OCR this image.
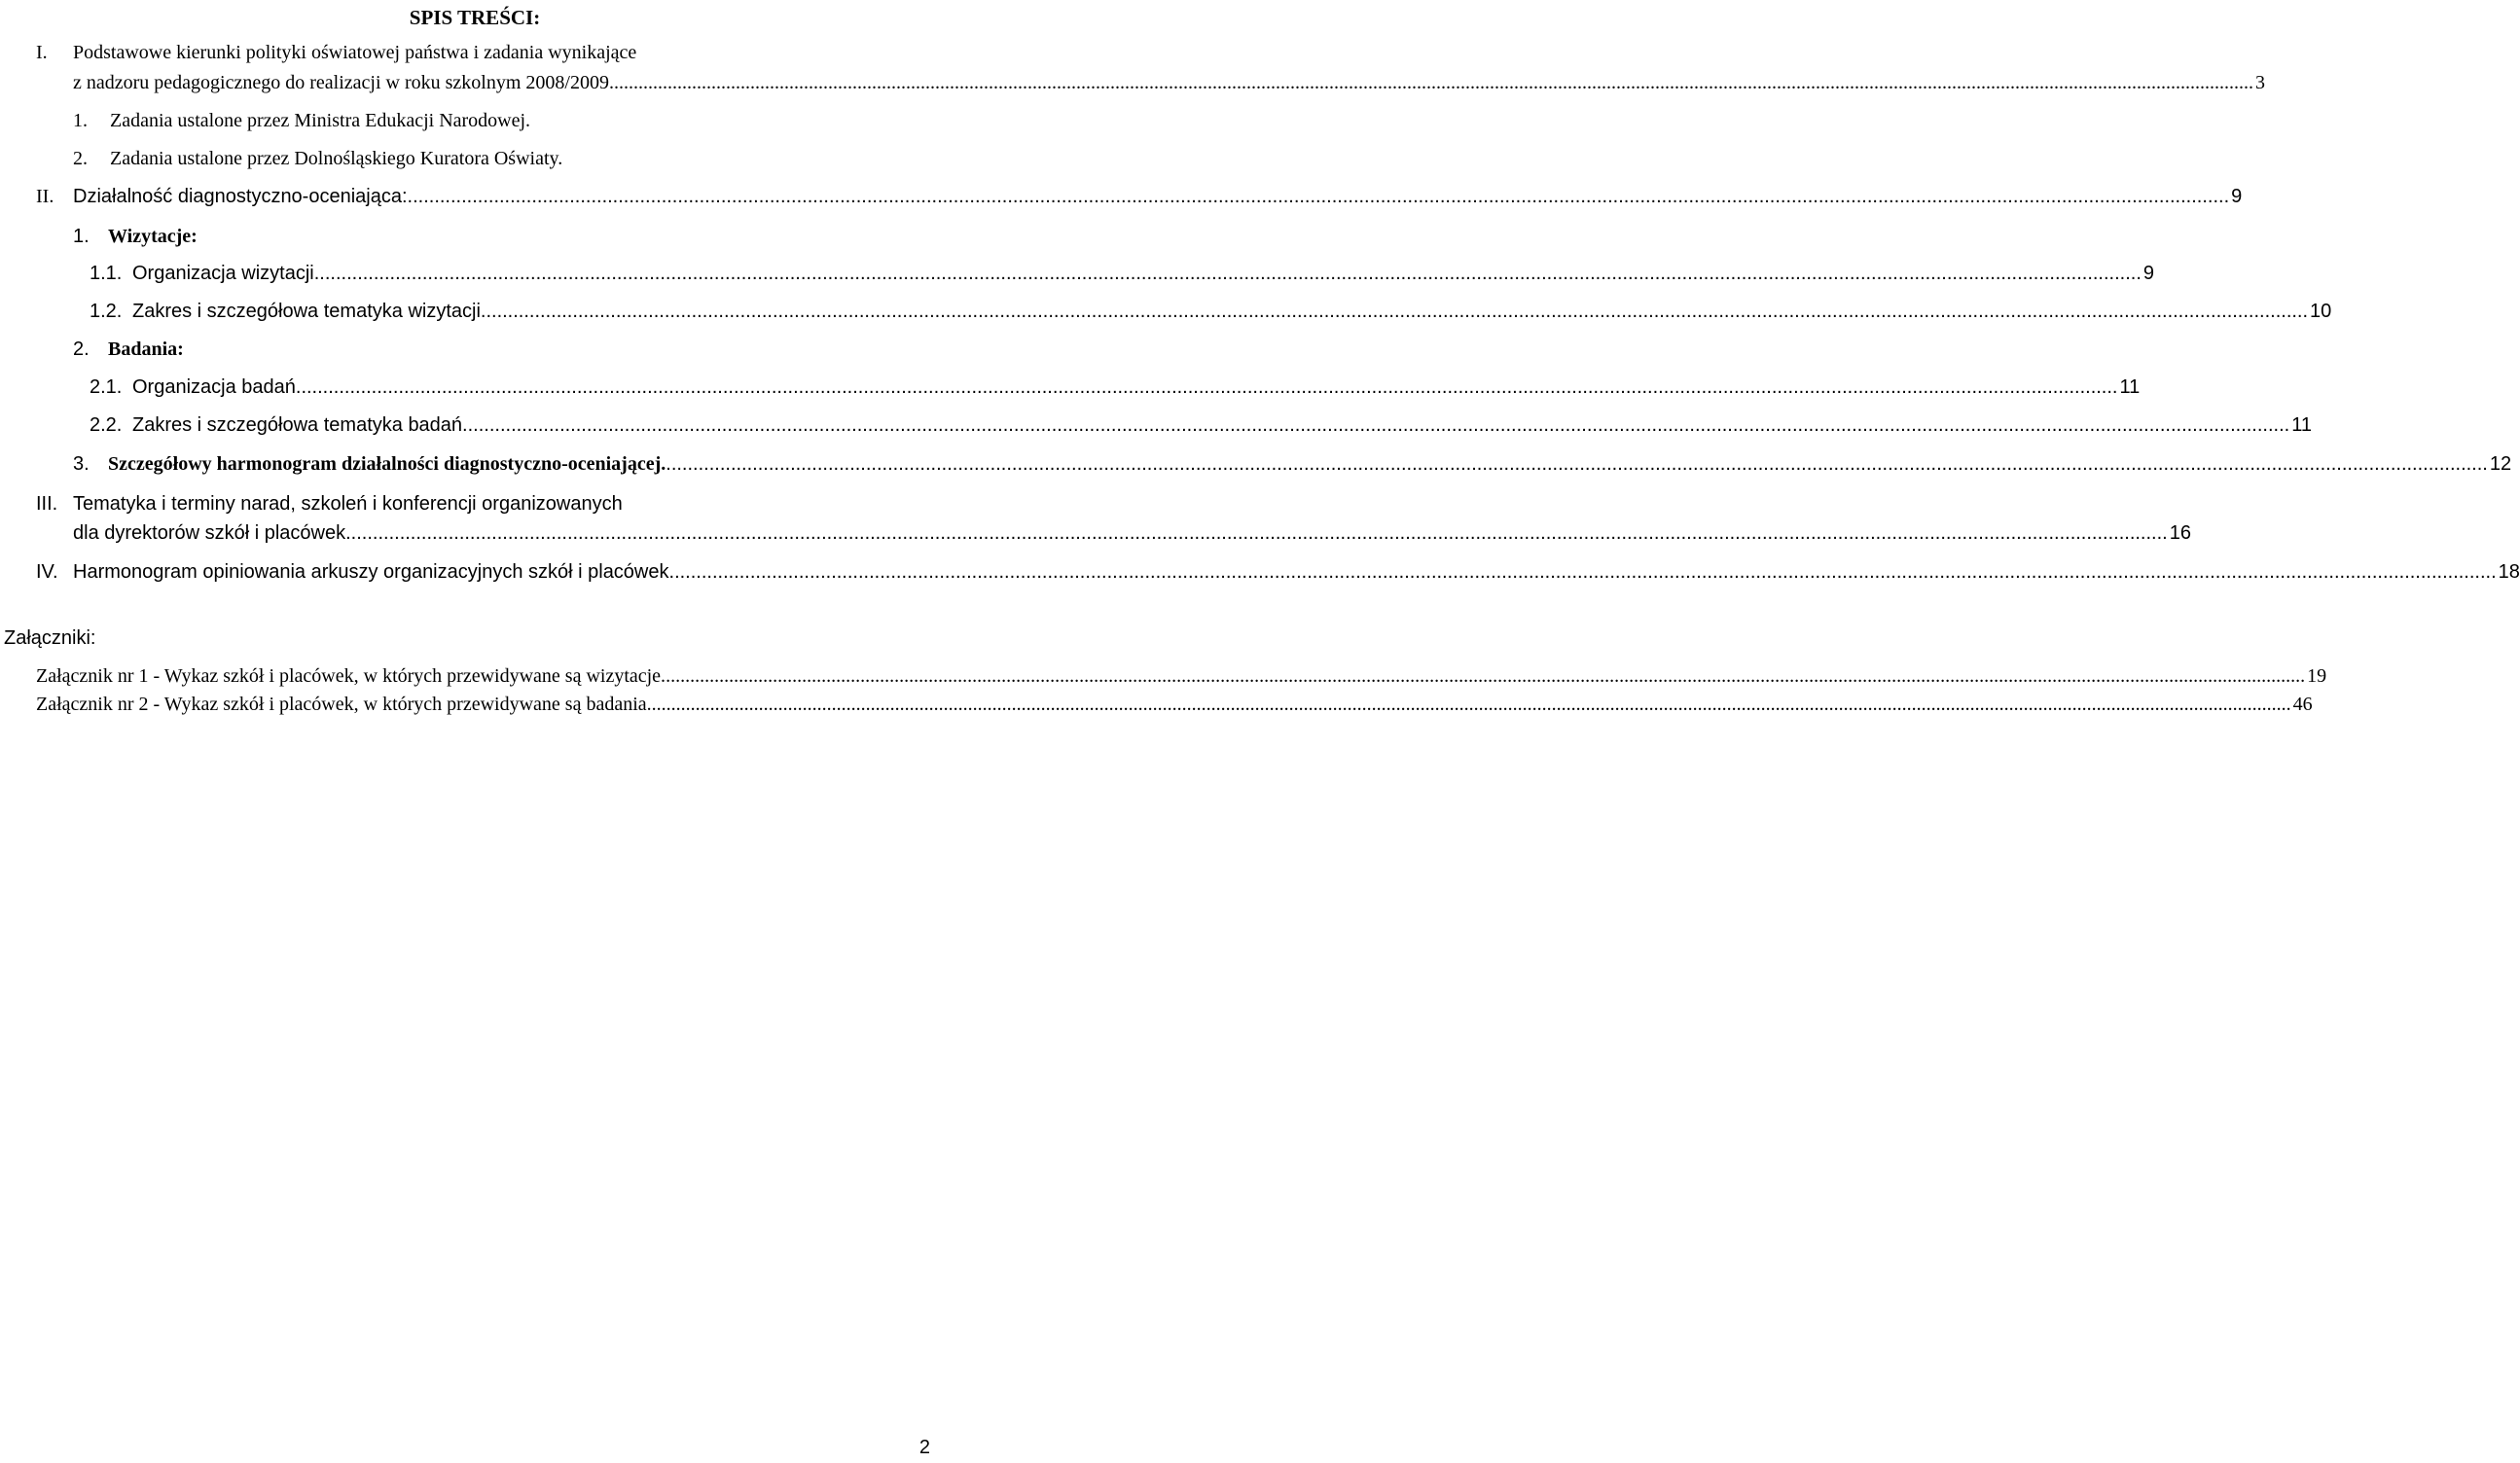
SPIS TREŚCI:
I. Podstawowe kierunki polityki oświatowej państwa i zadania wynikające
z nadzoru pedagogicznego do realizacji w roku szkolnym 2008/2009. .....	3
1. Zadania ustalone przez Ministra Edukacji Narodowej.
2. Zadania ustalone przez Dolnośląskiego Kuratora Oświaty.
II. Działalność diagnostyczno-oceniająca: .....	9
1. Wizytacje:
1.1. Organizacja wizytacji. .....	9
1.2. Zakres i szczegółowa tematyka wizytacji. .....	10
2. Badania:
2.1. Organizacja badań .....	11
2.2. Zakres i szczegółowa tematyka badań. .....	11
3. Szczegółowy harmonogram działalności diagnostyczno-oceniającej. .....	12
III. Tematyka i terminy narad, szkoleń i konferencji organizowanych
dla dyrektorów szkół i placówek .....	16
IV. Harmonogram opiniowania arkuszy organizacyjnych szkół i placówek. .....	18
Załączniki:
Załącznik nr 1 - Wykaz szkół i placówek, w których przewidywane są wizytacje. .....	19
Załącznik nr 2 - Wykaz szkół i placówek, w których przewidywane są badania. .....	46
2
